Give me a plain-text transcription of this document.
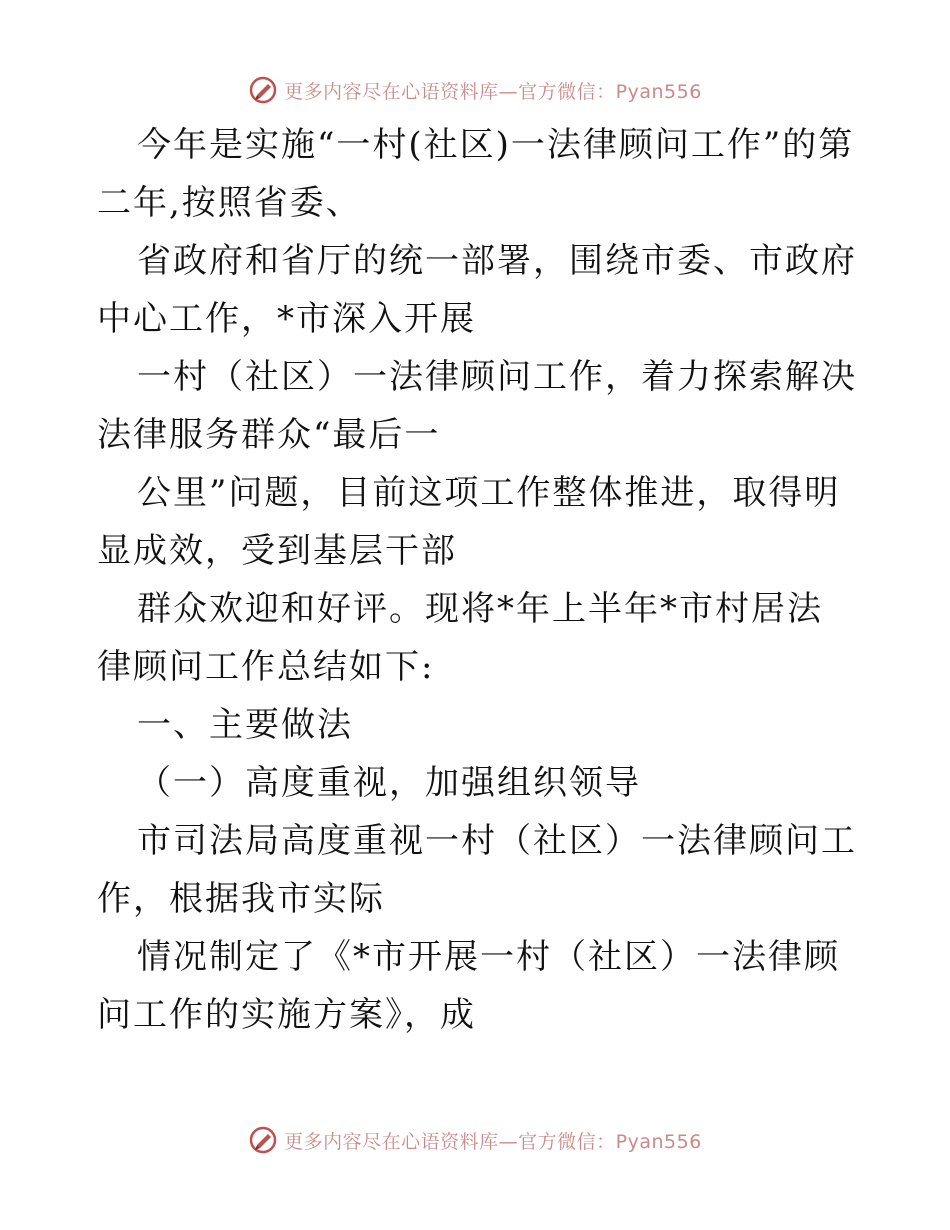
更多内容尽在心语资料库—官方微信：Pyan556

今年是实施“一村(社区)一法律顾问工作”的第二年,按照省委、

省政府和省厅的统一部署，围绕市委、市政府中心工作，*市深入开展

一村（社区）一法律顾问工作，着力探索解决法律服务群众“最后一

公里”问题，目前这项工作整体推进，取得明显成效，受到基层干部

群众欢迎和好评。现将*年上半年*市村居法律顾问工作总结如下:

一、主要做法

（一）高度重视，加强组织领导

市司法局高度重视一村（社区）一法律顾问工作，根据我市实际

情况制定了《*市开展一村（社区）一法律顾问工作的实施方案》，成

更多内容尽在心语资料库—官方微信：Pyan556
